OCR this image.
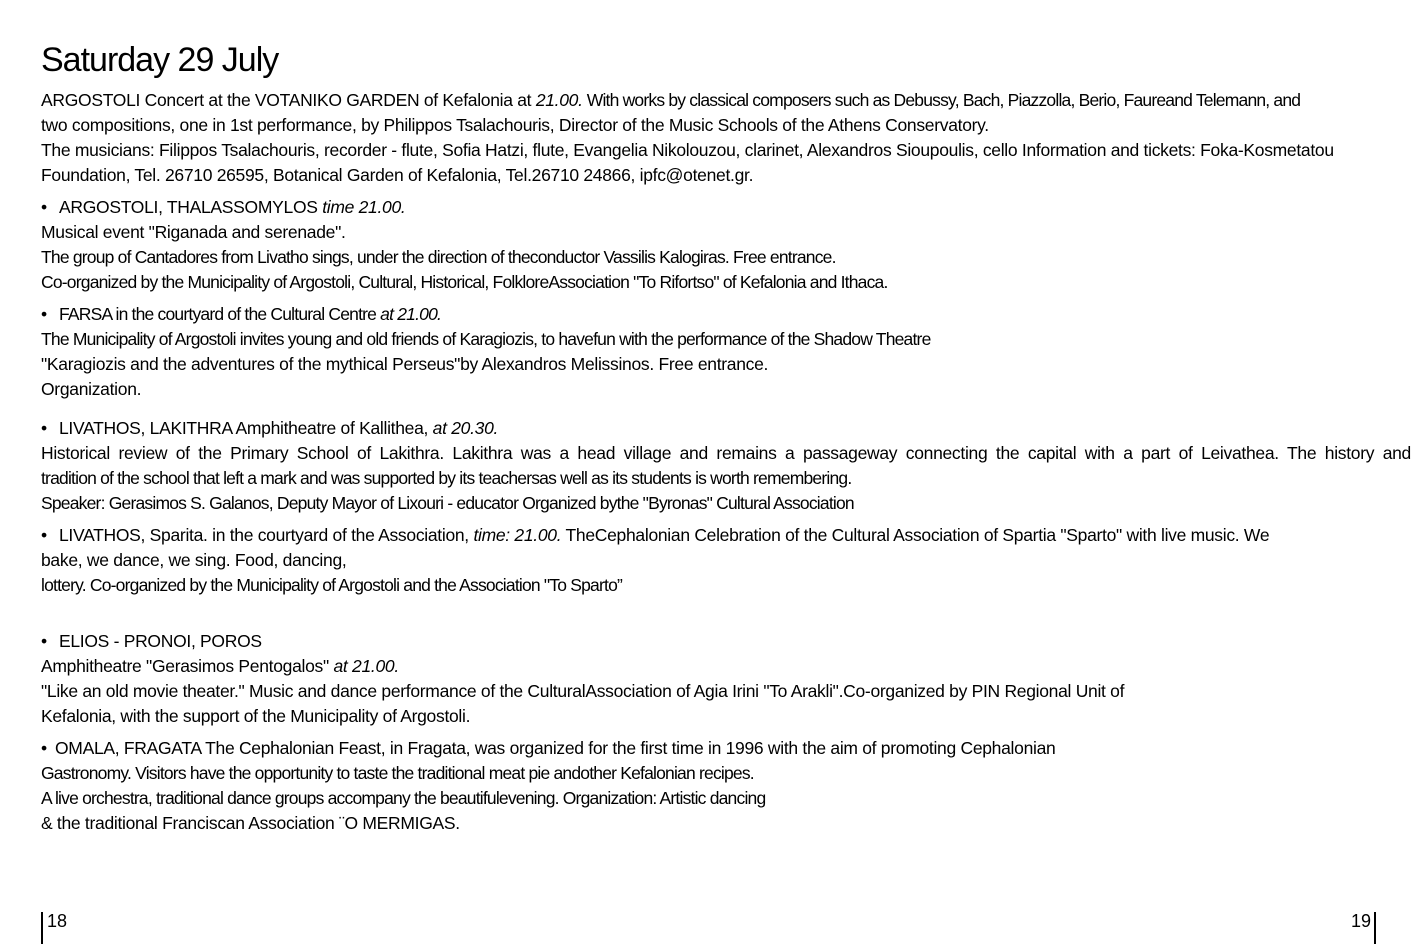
Saturday 29 July
ARGOSTOLI Concert at the VOTANIKO GARDEN of Kefalonia at 21.00. With works by classical composers such as Debussy, Bach, Piazzolla, Berio, Faureand Telemann, and
two compositions, one in 1st performance, by Philippos Tsalachouris, Director of the Music Schools of the Athens Conservatory.
The musicians: Filippos Tsalachouris, recorder - flute, Sofia Hatzi, flute, Evangelia Nikolouzou, clarinet, Alexandros Sioupoulis, cello Information and tickets: Foka-Kosmetatou
Foundation, Tel. 26710 26595, Botanical Garden of Kefalonia, Tel.26710 24866, ipfc@otenet.gr.
• ARGOSTOLI, THALASSOMYLOS time 21.00.
Musical event "Riganada and serenade".
The group of Cantadores from Livatho sings, under the direction of theconductor Vassilis Kalogiras. Free entrance.
Co-organized by the Municipality of Argostoli, Cultural, Historical, FolkloreAssociation "To Rifortso" of Kefalonia and Ithaca.
• FARSA in the courtyard of the Cultural Centre at 21.00.
The Municipality of Argostoli invites young and old friends of Karagiozis, to havefun with the performance of the Shadow Theatre
"Karagiozis and the adventures of the mythical Perseus"by Alexandros Melissinos. Free entrance.
Organization.
• LIVATHOS, LAKITHRA Amphitheatre of Kallithea, at 20.30.
Historical review of the Primary School of Lakithra. Lakithra was a head village and remains a passageway connecting the capital with a part of Leivathea. The history and
tradition of the school that left a mark and was supported by its teachersas well as its students is worth remembering.
Speaker: Gerasimos S. Galanos, Deputy Mayor of Lixouri - educator Organized bythe "Byronas" Cultural Association
• LIVATHOS, Sparita. in the courtyard of the Association, time: 21.00. TheCephalonian Celebration of the Cultural Association of Spartia "Sparto" with live music. We
bake, we dance, we sing. Food, dancing,
lottery. Co-organized by the Municipality of Argostoli and the Association "To Sparto”
• ELIOS - PRONOI, POROS
Amphitheatre "Gerasimos Pentogalos" at 21.00.
"Like an old movie theater." Music and dance performance of the CulturalAssociation of Agia Irini "To Arakli".Co-organized by PIN Regional Unit of
Kefalonia, with the support of the Municipality of Argostoli.
• OMALA, FRAGATA The Cephalonian Feast, in Fragata, was organized for the first time in 1996 with the aim of promoting Cephalonian
Gastronomy. Visitors have the opportunity to taste the traditional meat pie andother Kefalonian recipes.
A live orchestra, traditional dance groups accompany the beautifulevening. Organization: Artistic dancing
& the traditional Franciscan Association ¨O MERMIGAS.
18	19
